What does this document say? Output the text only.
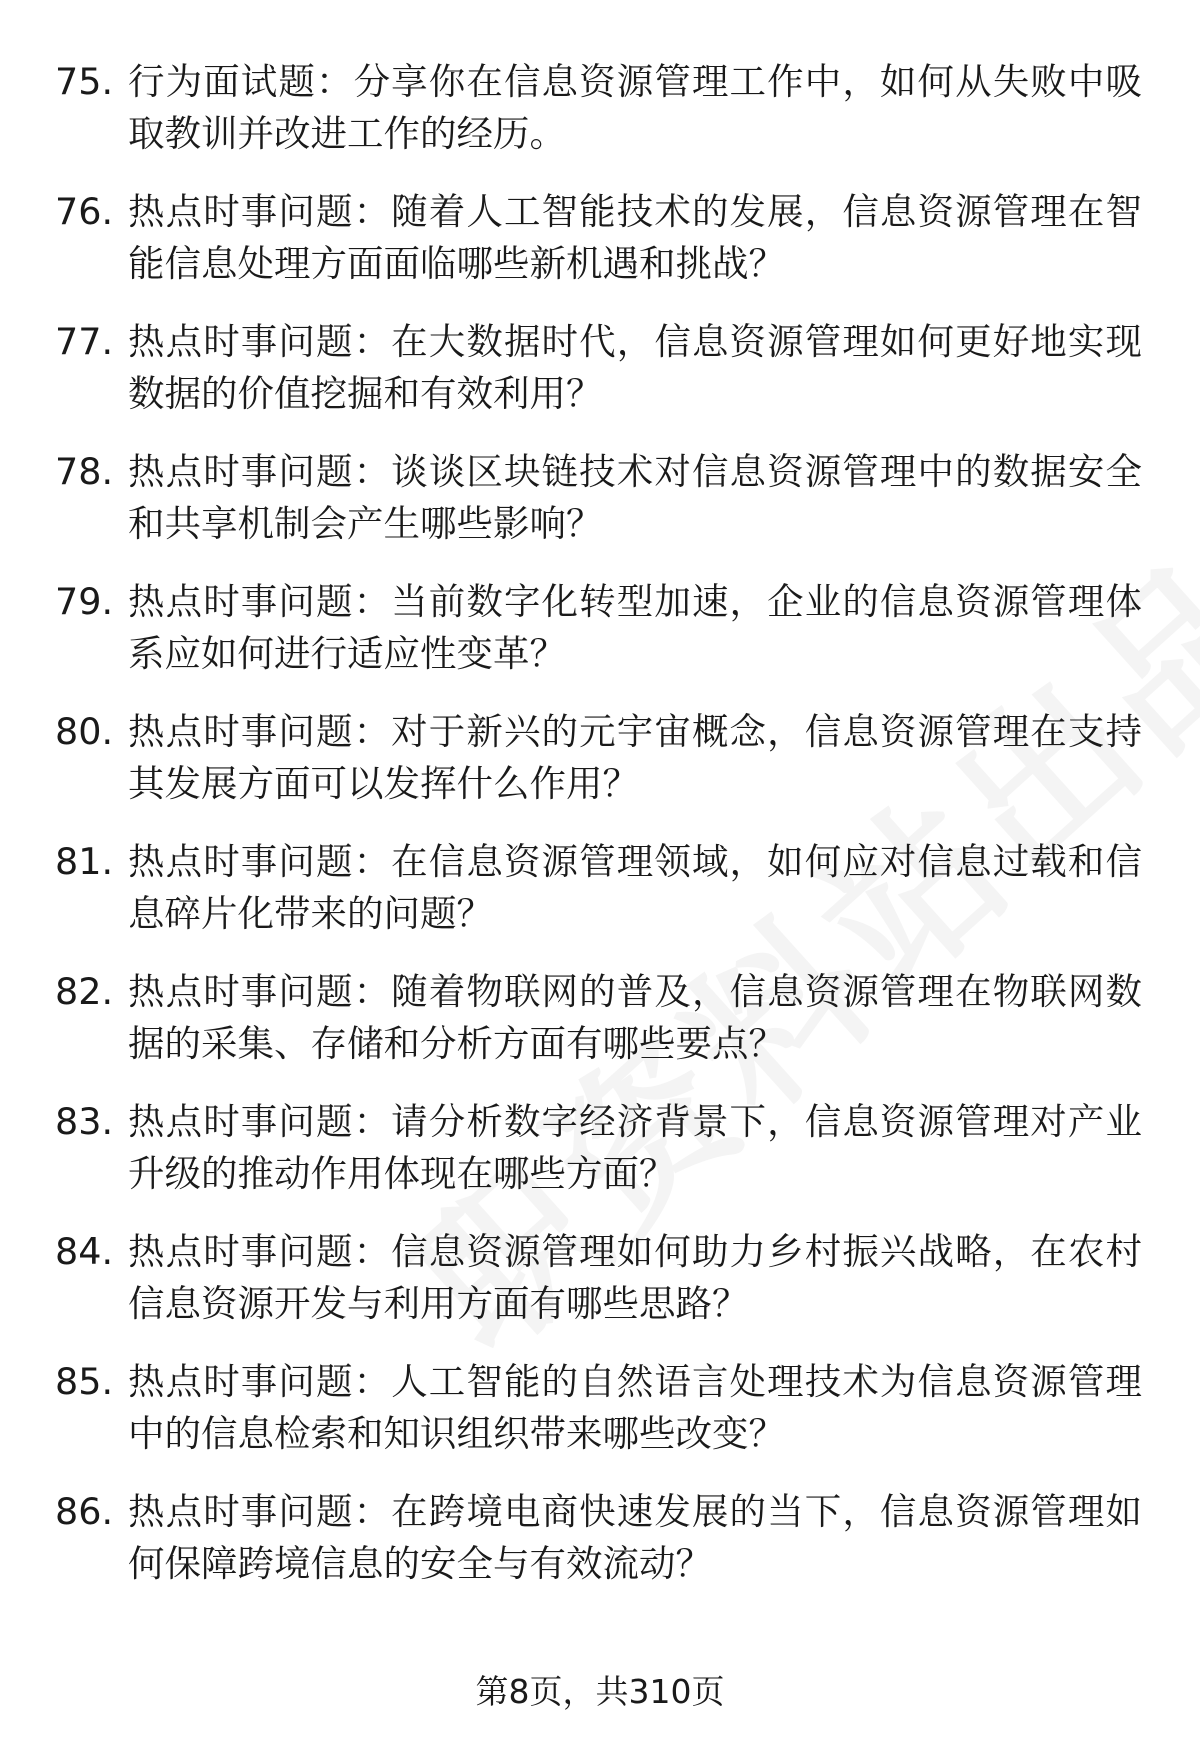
75. 行为面试题：分享你在信息资源管理工作中，如何从失败中吸取教训并改进工作的经历。
76. 热点时事问题：随着人工智能技术的发展，信息资源管理在智能信息处理方面面临哪些新机遇和挑战？
77. 热点时事问题：在大数据时代，信息资源管理如何更好地实现数据的价值挖掘和有效利用？
78. 热点时事问题：谈谈区块链技术对信息资源管理中的数据安全和共享机制会产生哪些影响？
79. 热点时事问题：当前数字化转型加速，企业的信息资源管理体系应如何进行适应性变革？
80. 热点时事问题：对于新兴的元宇宙概念，信息资源管理在支持其发展方面可以发挥什么作用？
81. 热点时事问题：在信息资源管理领域，如何应对信息过载和信息碎片化带来的问题？
82. 热点时事问题：随着物联网的普及，信息资源管理在物联网数据的采集、存储和分析方面有哪些要点？
83. 热点时事问题：请分析数字经济背景下，信息资源管理对产业升级的推动作用体现在哪些方面？
84. 热点时事问题：信息资源管理如何助力乡村振兴战略，在农村信息资源开发与利用方面有哪些思路？
85. 热点时事问题：人工智能的自然语言处理技术为信息资源管理中的信息检索和知识组织带来哪些改变？
86. 热点时事问题：在跨境电商快速发展的当下，信息资源管理如何保障跨境信息的安全与有效流动？
第8页，共310页
